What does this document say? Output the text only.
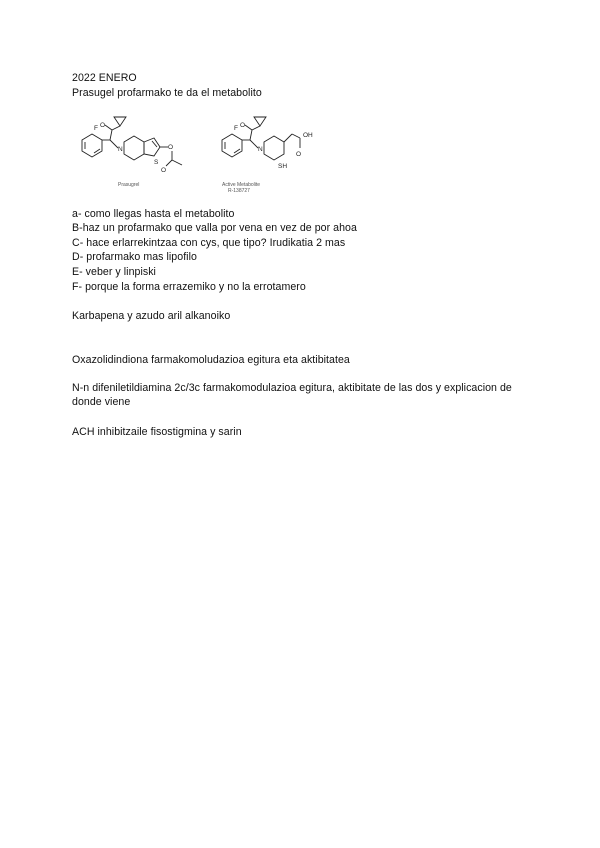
2022 ENERO
Prasugel profarmako te da el metabolito
O
F
N
S
O
O
Prasugrel
O
F
N
OH
O
SH
Active Metabolite
R-138727
a- como llegas hasta el metabolito
B-haz un profarmako que valla por vena en vez de por ahoa
C- hace erlarrekintzaa con cys, que tipo? Irudikatia 2 mas
D- profarmako mas lipofilo
E- veber y linpiski
F- porque la forma errazemiko y no la errotamero
Karbapena y azudo aril alkanoiko
Oxazolidindiona farmakomoludazioa egitura eta aktibitatea
N-n difeniletildiamina 2c/3c farmakomodulazioa egitura, aktibitate de las dos y explicacion de donde viene
ACH inhibitzaile fisostigmina y sarin
